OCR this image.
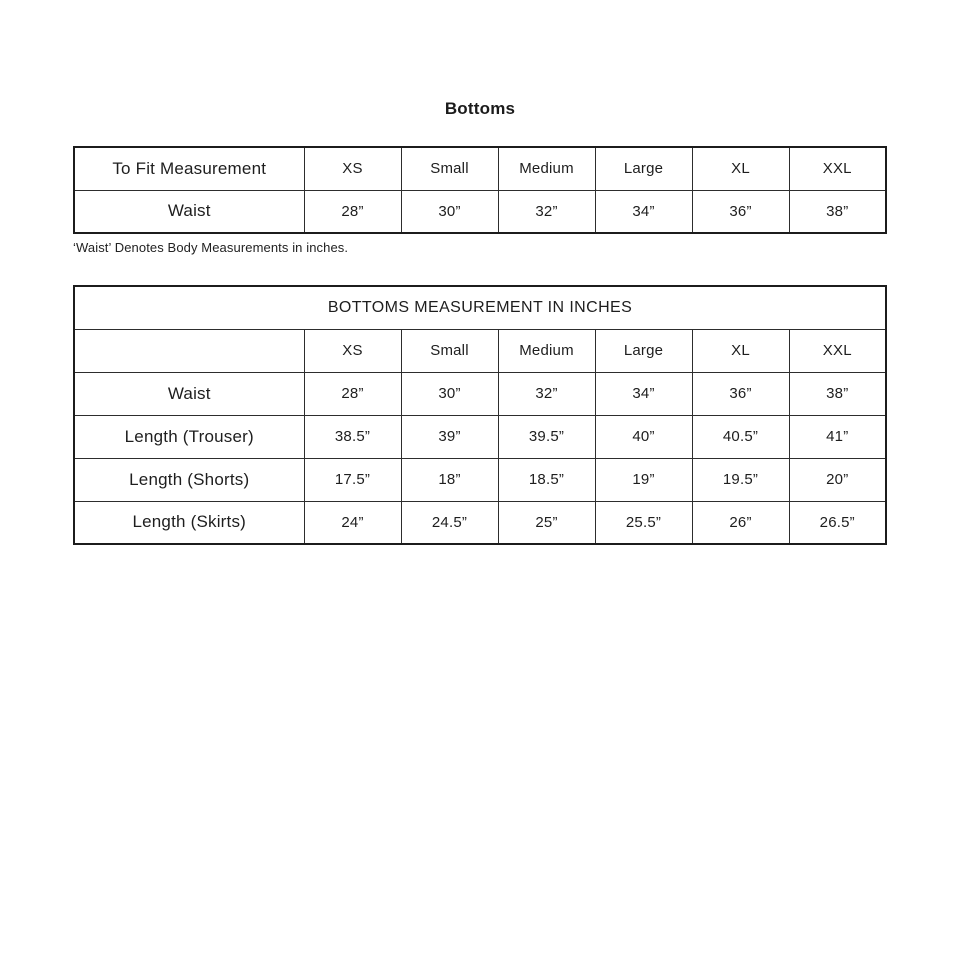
Bottoms
To Fit Measurement	XS	Small	Medium	Large	XL	XXL
Waist	28”	30”	32”	34”	36”	38”
‘Waist’ Denotes Body Measurements in inches.
BOTTOMS MEASUREMENT IN INCHES						
	XS	Small	Medium	Large	XL	XXL
Waist	28”	30”	32”	34”	36”	38”
Length (Trouser)	38.5”	39”	39.5”	40”	40.5”	41”
Length (Shorts)	17.5”	18”	18.5”	19”	19.5”	20”
Length (Skirts)	24”	24.5”	25”	25.5”	26”	26.5”
